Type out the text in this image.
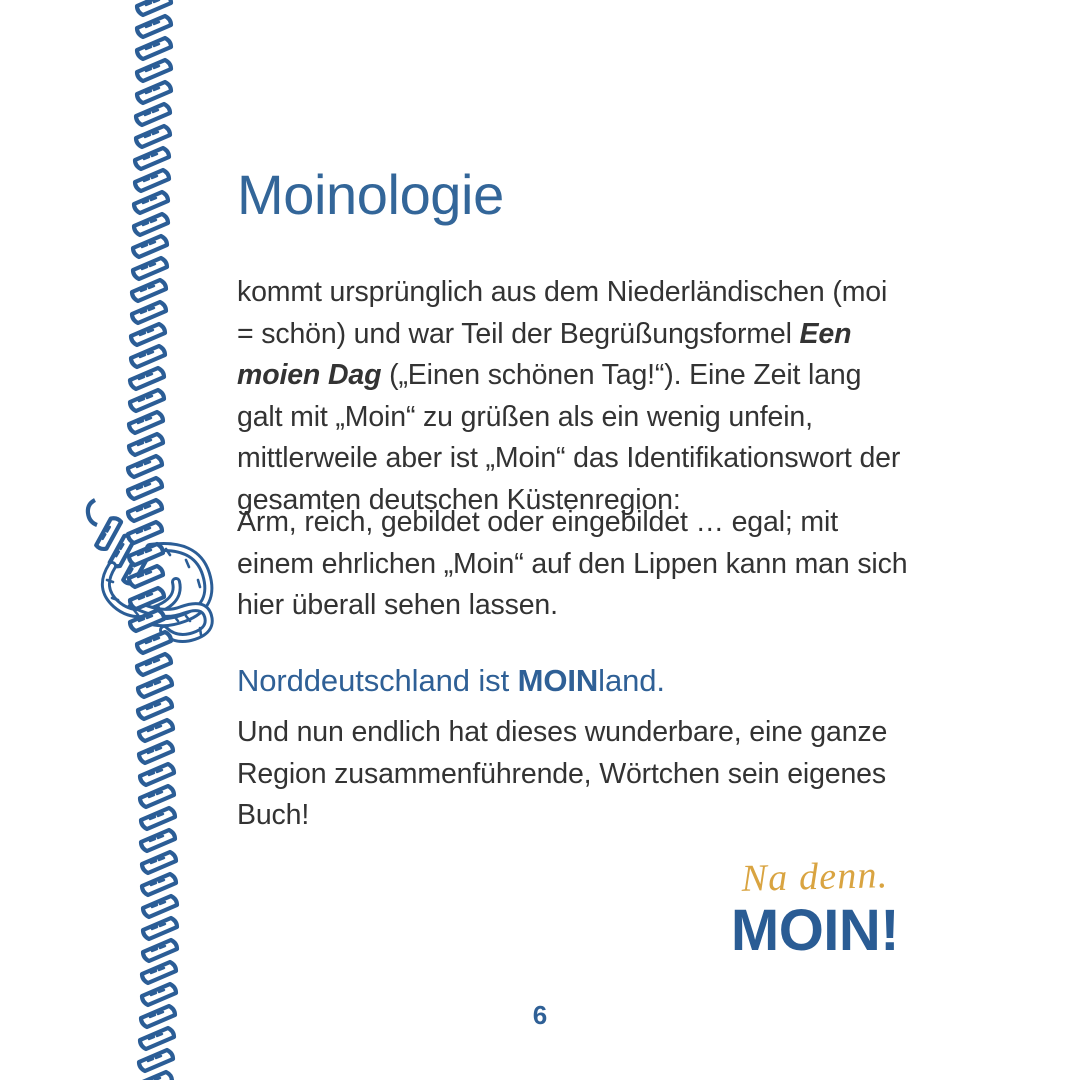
Moinologie

kommt ursprünglich aus dem Niederländischen (moi = schön) und war Teil der Begrüßungsformel Een moien Dag („Einen schönen Tag!“). Eine Zeit lang galt mit „Moin“ zu grüßen als ein wenig unfein, mittlerweile aber ist „Moin“ das Identifikationswort der gesamten deutschen Küstenregion:

Arm, reich, gebildet oder eingebildet … egal; mit einem ehrlichen „Moin“ auf den Lippen kann man sich hier überall sehen lassen.

Norddeutschland ist MOINland.

Und nun endlich hat dieses wunderbare, eine ganze Region zusammenführende, Wörtchen sein eigenes Buch!

Na denn.
MOIN!
6
